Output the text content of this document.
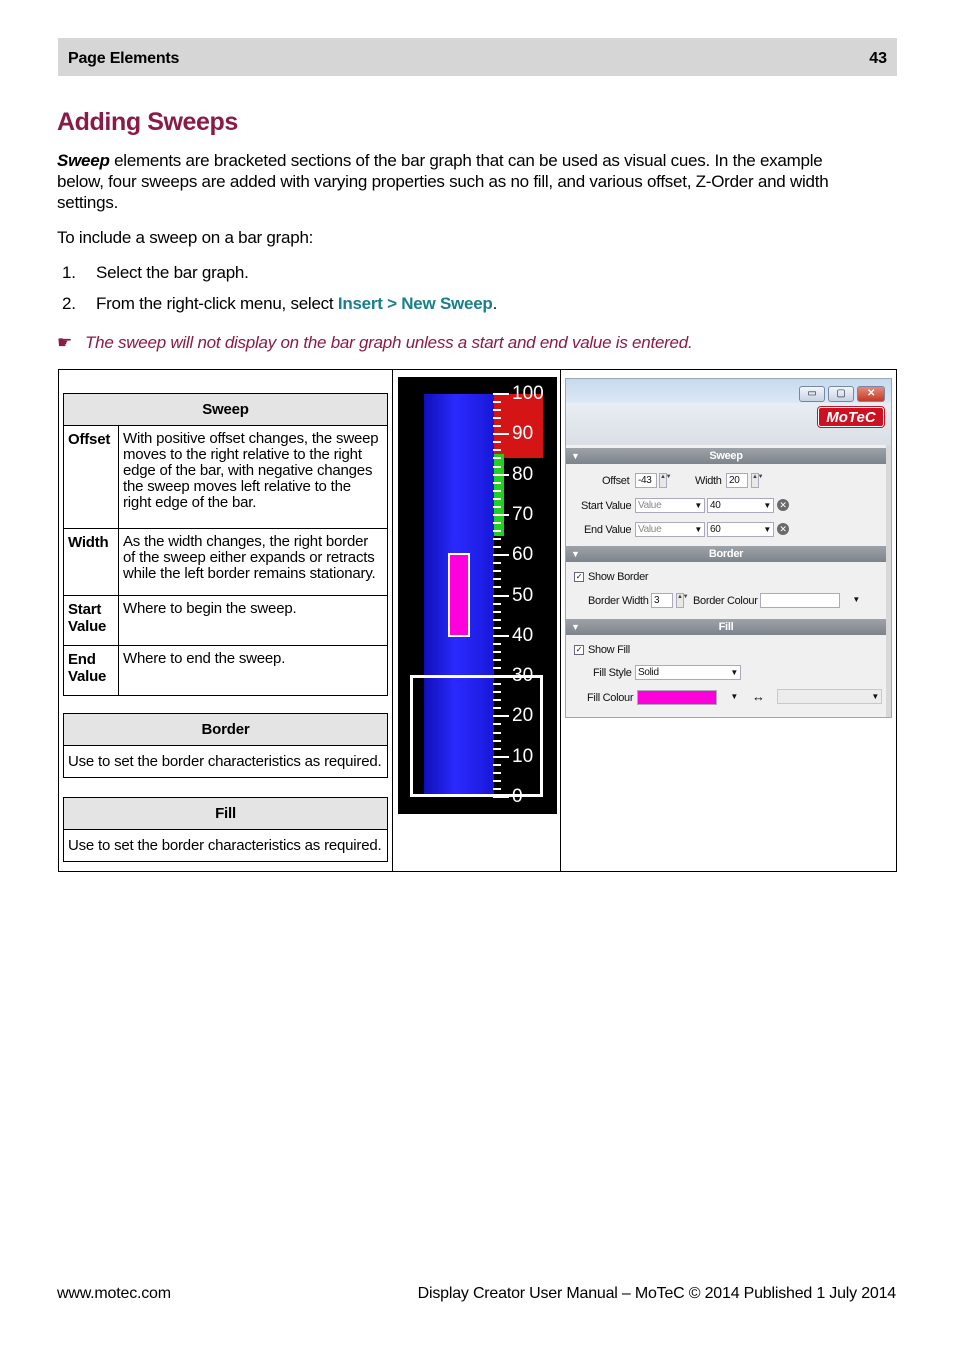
Page Elements	43
Adding Sweeps
Sweep elements are bracketed sections of the bar graph that can be used as visual cues. In the example below, four sweeps are added with varying properties such as no fill, and various offset, Z-Order and width settings.
To include a sweep on a bar graph:
1. Select the bar graph.
2. From the right-click menu, select Insert > New Sweep.
☛ The sweep will not display on the bar graph unless a start and end value is entered.
Sweep	
Offset	With positive offset changes, the sweep moves to the right relative to the right edge of the bar, with negative changes the sweep moves left relative to the right edge of the bar.
Width	As the width changes, the right border of the sweep either expands or retracts while the left border remains stationary.
Start Value	Where to begin the sweep.
End Value	Where to end the sweep.
Border
Use to set the border characteristics as required.
Fill
Use to set the border characteristics as required.
100
90
80
70
60
50
40
30
20
10
0
▭	▢	✕
MoTeC
▼	Sweep
Offset -43	▲▼ Width 20	▲▼
Start Value Value	▼ 40	▼ ✕
End Value Value	▼ 60	▼ ✕
▼	Border
✓ Show Border
Border Width 3	▲▼ Border Colour	▼
▼	Fill
✓ Show Fill
Fill Style Solid	▼
Fill Colour	▼ ↔	▼
www.motec.com	Display Creator User Manual – MoTeC © 2014 Published 1 July 2014
